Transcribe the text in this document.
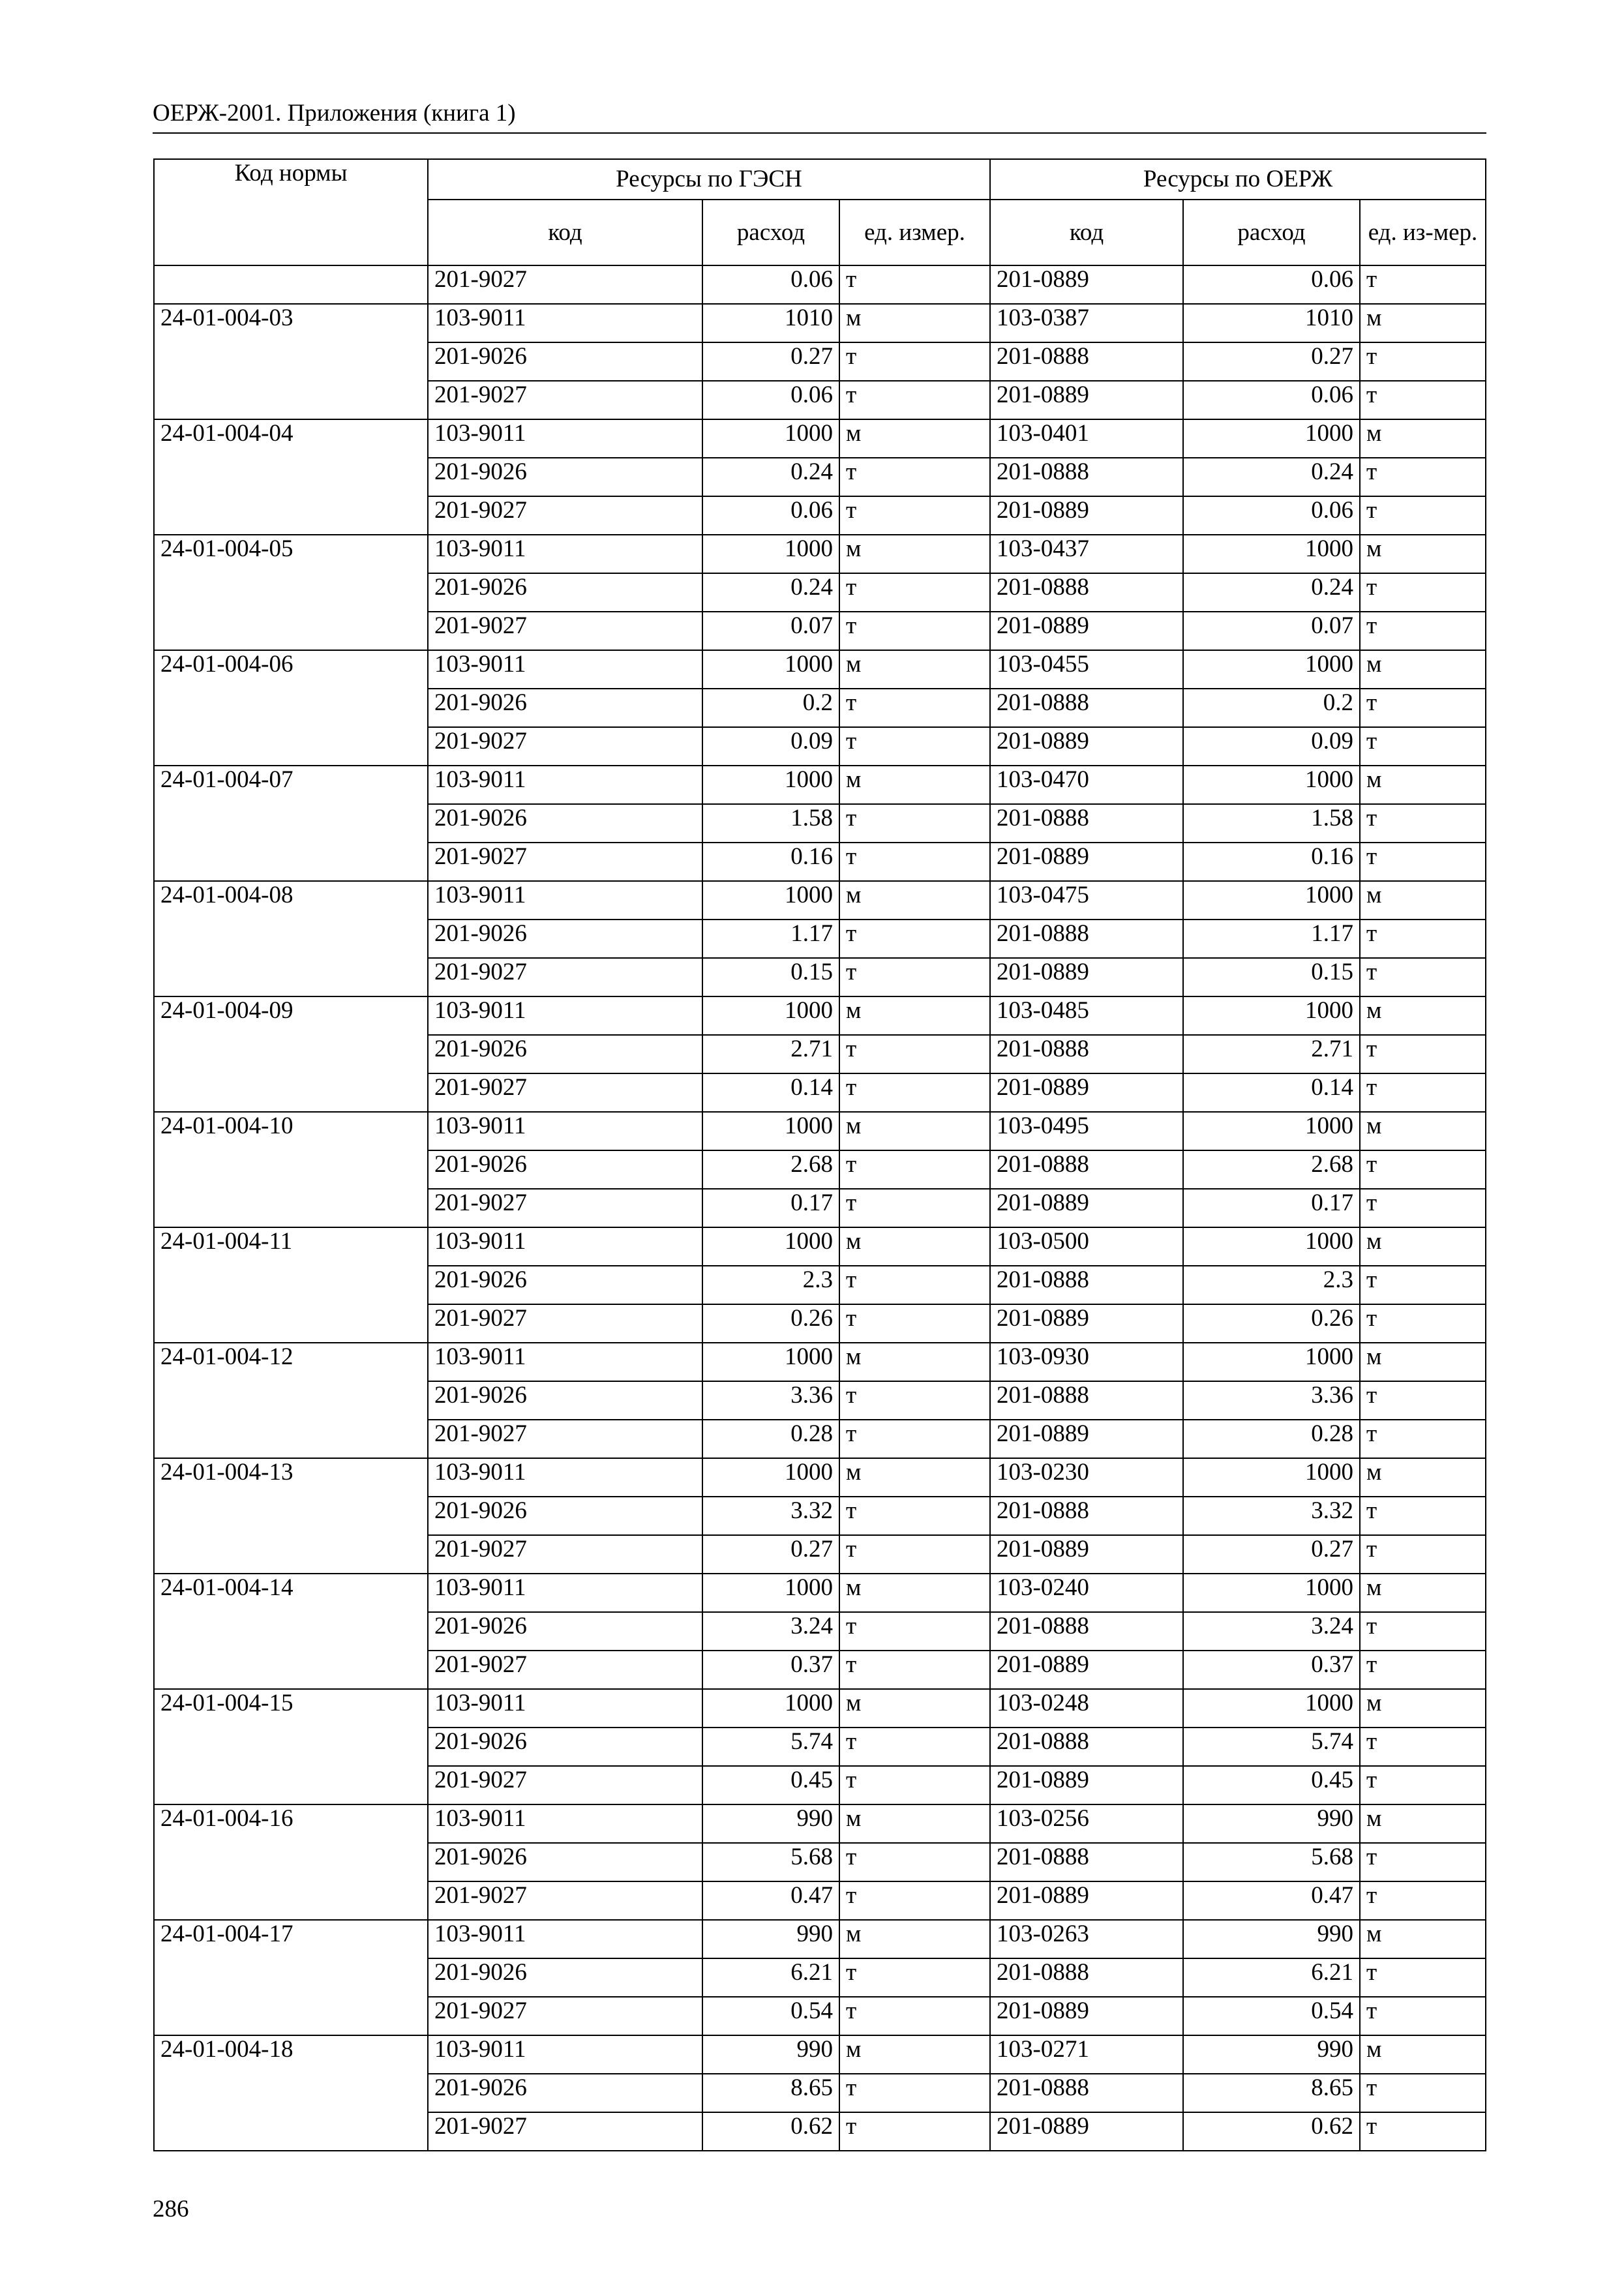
ОЕРЖ-2001. Приложения (книга 1)
Код нормы	Ресурсы по ГЭСН			Ресурсы по ОЕРЖ		
	код	расход	ед. измер.	код	расход	ед. из-мер.
	201-9027	0.06	т	201-0889	0.06	т
24-01-004-03	103-9011	1010	м	103-0387	1010	м
	201-9026	0.27	т	201-0888	0.27	т
	201-9027	0.06	т	201-0889	0.06	т
24-01-004-04	103-9011	1000	м	103-0401	1000	м
	201-9026	0.24	т	201-0888	0.24	т
	201-9027	0.06	т	201-0889	0.06	т
24-01-004-05	103-9011	1000	м	103-0437	1000	м
	201-9026	0.24	т	201-0888	0.24	т
	201-9027	0.07	т	201-0889	0.07	т
24-01-004-06	103-9011	1000	м	103-0455	1000	м
	201-9026	0.2	т	201-0888	0.2	т
	201-9027	0.09	т	201-0889	0.09	т
24-01-004-07	103-9011	1000	м	103-0470	1000	м
	201-9026	1.58	т	201-0888	1.58	т
	201-9027	0.16	т	201-0889	0.16	т
24-01-004-08	103-9011	1000	м	103-0475	1000	м
	201-9026	1.17	т	201-0888	1.17	т
	201-9027	0.15	т	201-0889	0.15	т
24-01-004-09	103-9011	1000	м	103-0485	1000	м
	201-9026	2.71	т	201-0888	2.71	т
	201-9027	0.14	т	201-0889	0.14	т
24-01-004-10	103-9011	1000	м	103-0495	1000	м
	201-9026	2.68	т	201-0888	2.68	т
	201-9027	0.17	т	201-0889	0.17	т
24-01-004-11	103-9011	1000	м	103-0500	1000	м
	201-9026	2.3	т	201-0888	2.3	т
	201-9027	0.26	т	201-0889	0.26	т
24-01-004-12	103-9011	1000	м	103-0930	1000	м
	201-9026	3.36	т	201-0888	3.36	т
	201-9027	0.28	т	201-0889	0.28	т
24-01-004-13	103-9011	1000	м	103-0230	1000	м
	201-9026	3.32	т	201-0888	3.32	т
	201-9027	0.27	т	201-0889	0.27	т
24-01-004-14	103-9011	1000	м	103-0240	1000	м
	201-9026	3.24	т	201-0888	3.24	т
	201-9027	0.37	т	201-0889	0.37	т
24-01-004-15	103-9011	1000	м	103-0248	1000	м
	201-9026	5.74	т	201-0888	5.74	т
	201-9027	0.45	т	201-0889	0.45	т
24-01-004-16	103-9011	990	м	103-0256	990	м
	201-9026	5.68	т	201-0888	5.68	т
	201-9027	0.47	т	201-0889	0.47	т
24-01-004-17	103-9011	990	м	103-0263	990	м
	201-9026	6.21	т	201-0888	6.21	т
	201-9027	0.54	т	201-0889	0.54	т
24-01-004-18	103-9011	990	м	103-0271	990	м
	201-9026	8.65	т	201-0888	8.65	т
	201-9027	0.62	т	201-0889	0.62	т
286
